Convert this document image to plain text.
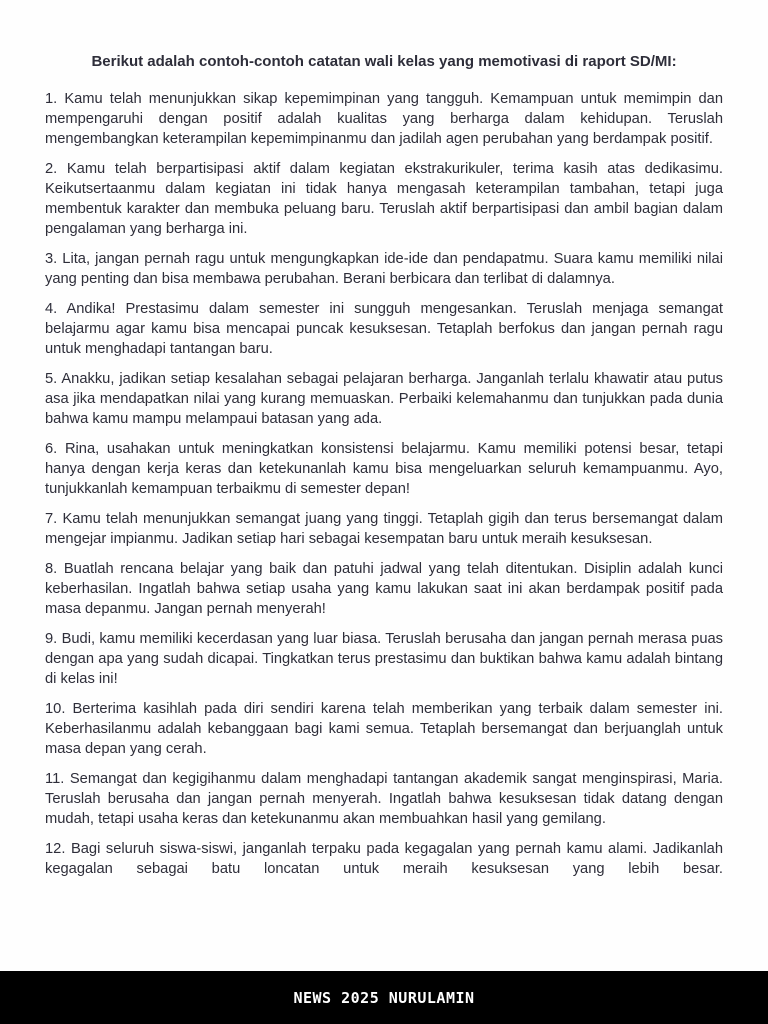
Berikut adalah contoh-contoh catatan wali kelas yang memotivasi di raport SD/MI:

1. Kamu telah menunjukkan sikap kepemimpinan yang tangguh. Kemampuan untuk memimpin dan mempengaruhi dengan positif adalah kualitas yang berharga dalam kehidupan. Teruslah mengembangkan keterampilan kepemimpinanmu dan jadilah agen perubahan yang berdampak positif.

2. Kamu telah berpartisipasi aktif dalam kegiatan ekstrakurikuler, terima kasih atas dedikasimu. Keikutsertaanmu dalam kegiatan ini tidak hanya mengasah keterampilan tambahan, tetapi juga membentuk karakter dan membuka peluang baru. Teruslah aktif berpartisipasi dan ambil bagian dalam pengalaman yang berharga ini.

3. Lita, jangan pernah ragu untuk mengungkapkan ide-ide dan pendapatmu. Suara kamu memiliki nilai yang penting dan bisa membawa perubahan. Berani berbicara dan terlibat di dalamnya.

4. Andika! Prestasimu dalam semester ini sungguh mengesankan. Teruslah menjaga semangat belajarmu agar kamu bisa mencapai puncak kesuksesan. Tetaplah berfokus dan jangan pernah ragu untuk menghadapi tantangan baru.

5. Anakku, jadikan setiap kesalahan sebagai pelajaran berharga. Janganlah terlalu khawatir atau putus asa jika mendapatkan nilai yang kurang memuaskan. Perbaiki kelemahanmu dan tunjukkan pada dunia bahwa kamu mampu melampaui batasan yang ada.

6. Rina, usahakan untuk meningkatkan konsistensi belajarmu. Kamu memiliki potensi besar, tetapi hanya dengan kerja keras dan ketekunanlah kamu bisa mengeluarkan seluruh kemampuanmu. Ayo, tunjukkanlah kemampuan terbaikmu di semester depan!

7. Kamu telah menunjukkan semangat juang yang tinggi. Tetaplah gigih dan terus bersemangat dalam mengejar impianmu. Jadikan setiap hari sebagai kesempatan baru untuk meraih kesuksesan.

8. Buatlah rencana belajar yang baik dan patuhi jadwal yang telah ditentukan. Disiplin adalah kunci keberhasilan. Ingatlah bahwa setiap usaha yang kamu lakukan saat ini akan berdampak positif pada masa depanmu. Jangan pernah menyerah!

9. Budi, kamu memiliki kecerdasan yang luar biasa. Teruslah berusaha dan jangan pernah merasa puas dengan apa yang sudah dicapai. Tingkatkan terus prestasimu dan buktikan bahwa kamu adalah bintang di kelas ini!

10. Berterima kasihlah pada diri sendiri karena telah memberikan yang terbaik dalam semester ini. Keberhasilanmu adalah kebanggaan bagi kami semua. Tetaplah bersemangat dan berjuanglah untuk masa depan yang cerah.

11. Semangat dan kegigihanmu dalam menghadapi tantangan akademik sangat menginspirasi, Maria. Teruslah berusaha dan jangan pernah menyerah. Ingatlah bahwa kesuksesan tidak datang dengan mudah, tetapi usaha keras dan ketekunanmu akan membuahkan hasil yang gemilang.

12. Bagi seluruh siswa-siswi, janganlah terpaku pada kegagalan yang pernah kamu alami. Jadikanlah kegagalan sebagai batu loncatan untuk meraih kesuksesan yang lebih besar.

NEWS 2025 NURULAMIN
